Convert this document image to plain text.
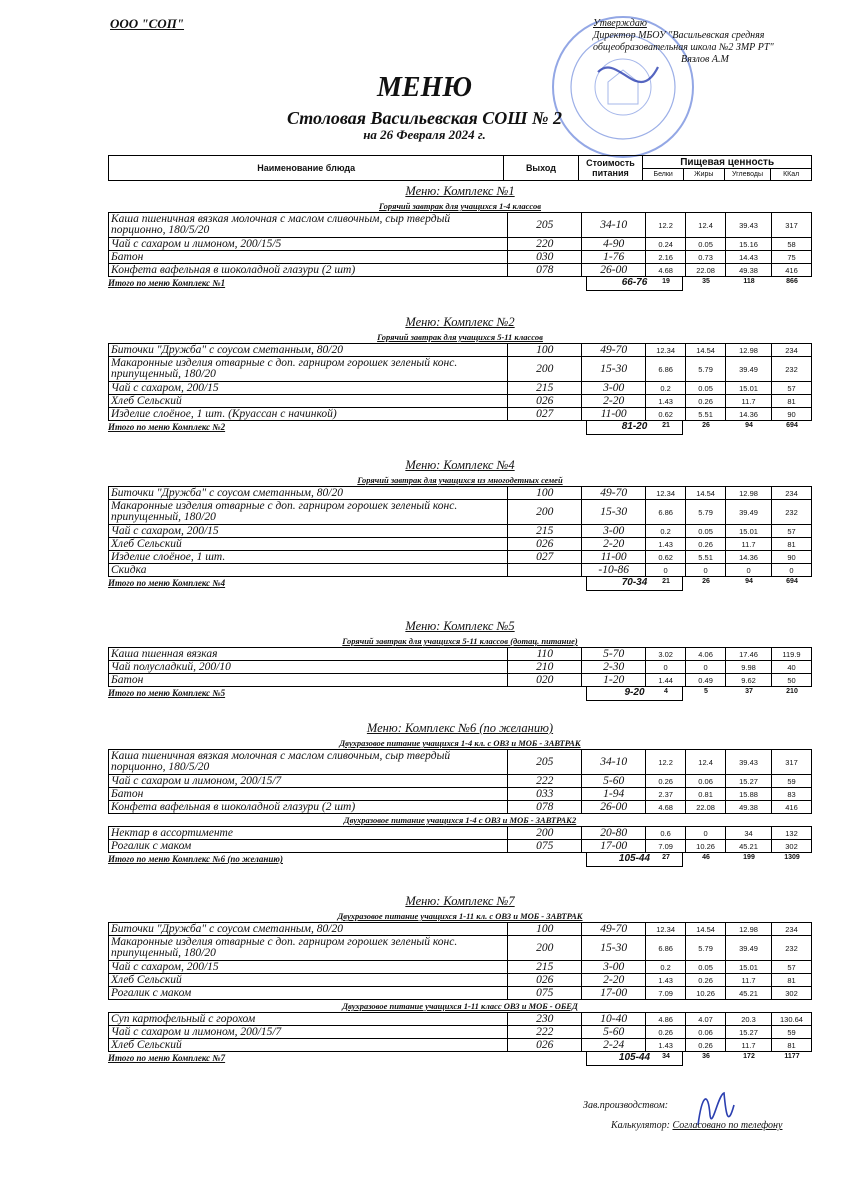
ООО "СОП"	Утверждаю
Директор МБОУ "Васильевская средняя
общеобразовательная школа №2 ЗМР РТ"
Вязлов А.М
МЕНЮ
Столовая Васильевская СОШ № 2
на 26 Февраля 2024 г.
Наименование блюда	Выход	Стоимость питания	Пищевая ценность			
			Белки	Жиры	Углеводы	ККал
Меню: Комплекс №1
Горячий завтрак для учащихся 1-4 классов
Каша пшеничная вязкая молочная с маслом сливочным, сыр твердый порционно, 180/5/20	205	34-10	12.2	12.4	39.43	317
Чай с сахаром и лимоном, 200/15/5	220	4-90	0.24	0.05	15.16	58
Батон	030	1-76	2.16	0.73	14.43	75
Конфета вафельная в шоколадной глазури (2 шт)	078	26-00	4.68	22.08	49.38	416
Итого по меню Комплекс №1	66-76	19	35	118	866
Меню: Комплекс №2
Горячий завтрак для учащихся 5-11 классов
Биточки "Дружба" с соусом сметанным, 80/20	100	49-70	12.34	14.54	12.98	234
Макаронные изделия отварные с доп. гарниром горошек зеленый конс. припущенный, 180/20	200	15-30	6.86	5.79	39.49	232
Чай с сахаром, 200/15	215	3-00	0.2	0.05	15.01	57
Хлеб Сельский	026	2-20	1.43	0.26	11.7	81
Изделие слоёное, 1 шт. (Круассан с начинкой)	027	11-00	0.62	5.51	14.36	90
Итого по меню Комплекс №2	81-20	21	26	94	694
Меню: Комплекс №4
Горячий завтрак для учащихся из многодетных семей
Биточки "Дружба" с соусом сметанным, 80/20	100	49-70	12.34	14.54	12.98	234
Макаронные изделия отварные с доп. гарниром горошек зеленый конс. припущенный, 180/20	200	15-30	6.86	5.79	39.49	232
Чай с сахаром, 200/15	215	3-00	0.2	0.05	15.01	57
Хлеб Сельский	026	2-20	1.43	0.26	11.7	81
Изделие слоёное, 1 шт.	027	11-00	0.62	5.51	14.36	90
Скидка		-10-86	0	0	0	0
Итого по меню Комплекс №4	70-34	21	26	94	694
Меню: Комплекс №5
Горячий завтрак для учащихся 5-11 классов (дотац. питание)
Каша пшенная вязкая	110	5-70	3.02	4.06	17.46	119.9
Чай полусладкий, 200/10	210	2-30	0	0	9.98	40
Батон	020	1-20	1.44	0.49	9.62	50
Итого по меню Комплекс №5	9-20	4	5	37	210
Меню: Комплекс №6 (по желанию)
Двухразовое питание учащихся 1-4 кл. с ОВЗ и МОБ - ЗАВТРАК
Каша пшеничная вязкая молочная с маслом сливочным, сыр твердый порционно, 180/5/20	205	34-10	12.2	12.4	39.43	317
Чай с сахаром и лимоном, 200/15/7	222	5-60	0.26	0.06	15.27	59
Батон	033	1-94	2.37	0.81	15.88	83
Конфета вафельная в шоколадной глазури (2 шт)	078	26-00	4.68	22.08	49.38	416
Двухразовое питание учащихся 1-4 с ОВЗ и МОБ - ЗАВТРАК2
Нектар в ассортименте	200	20-80	0.6	0	34	132
Рогалик с маком	075	17-00	7.09	10.26	45.21	302
Итого по меню Комплекс №6 (по желанию)	105-44	27	46	199	1309
Меню: Комплекс №7
Двухразовое питание учащихся 1-11 кл. с ОВЗ и МОБ - ЗАВТРАК
Биточки "Дружба" с соусом сметанным, 80/20	100	49-70	12.34	14.54	12.98	234
Макаронные изделия отварные с доп. гарниром горошек зеленый конс. припущенный, 180/20	200	15-30	6.86	5.79	39.49	232
Чай с сахаром, 200/15	215	3-00	0.2	0.05	15.01	57
Хлеб Сельский	026	2-20	1.43	0.26	11.7	81
Рогалик с маком	075	17-00	7.09	10.26	45.21	302
Двухразовое питание учащихся 1-11 класс ОВЗ и МОБ - ОБЕД
Суп картофельный с горохом	230	10-40	4.86	4.07	20.3	130.64
Чай с сахаром и лимоном, 200/15/7	222	5-60	0.26	0.06	15.27	59
Хлеб Сельский	026	2-24	1.43	0.26	11.7	81
Итого по меню Комплекс №7	105-44	34	36	172	1177
Зав.производством:
Калькулятор: Согласовано по телефону
